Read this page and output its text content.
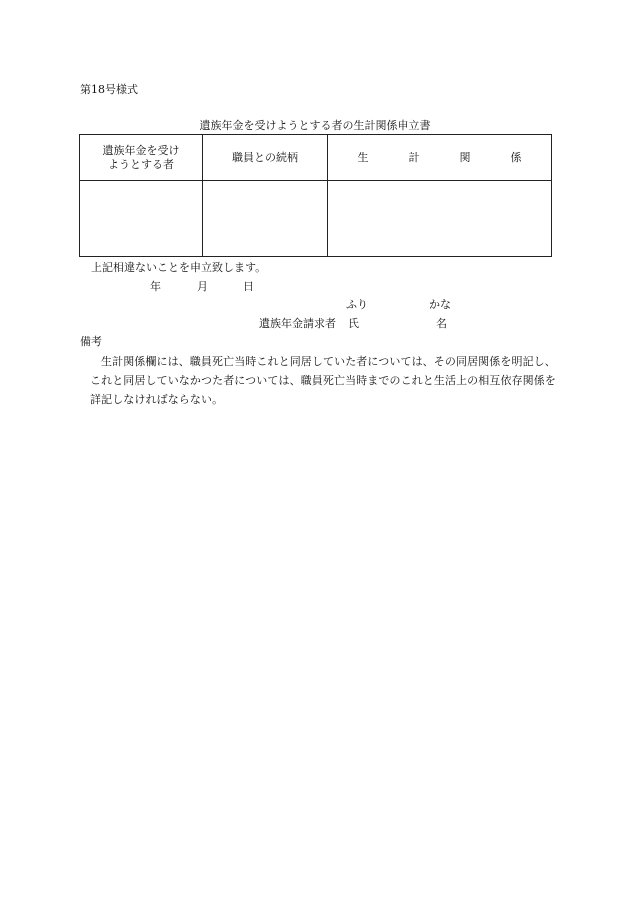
第18号様式
遺族年金を受けようとする者の生計関係申立書
遺族年金を受け
ようとする者	職員との続柄	生 計 関 係

上記相違ないことを申立致します。
年	月	日
ふり	かな
遺族年金請求者 氏	名
備考
生計関係欄には、職員死亡当時これと同居していた者については、その同居関係を明記し、これと同居していなかつた者については、職員死亡当時までのこれと生活上の相互依存関係を詳記しなければならない。
